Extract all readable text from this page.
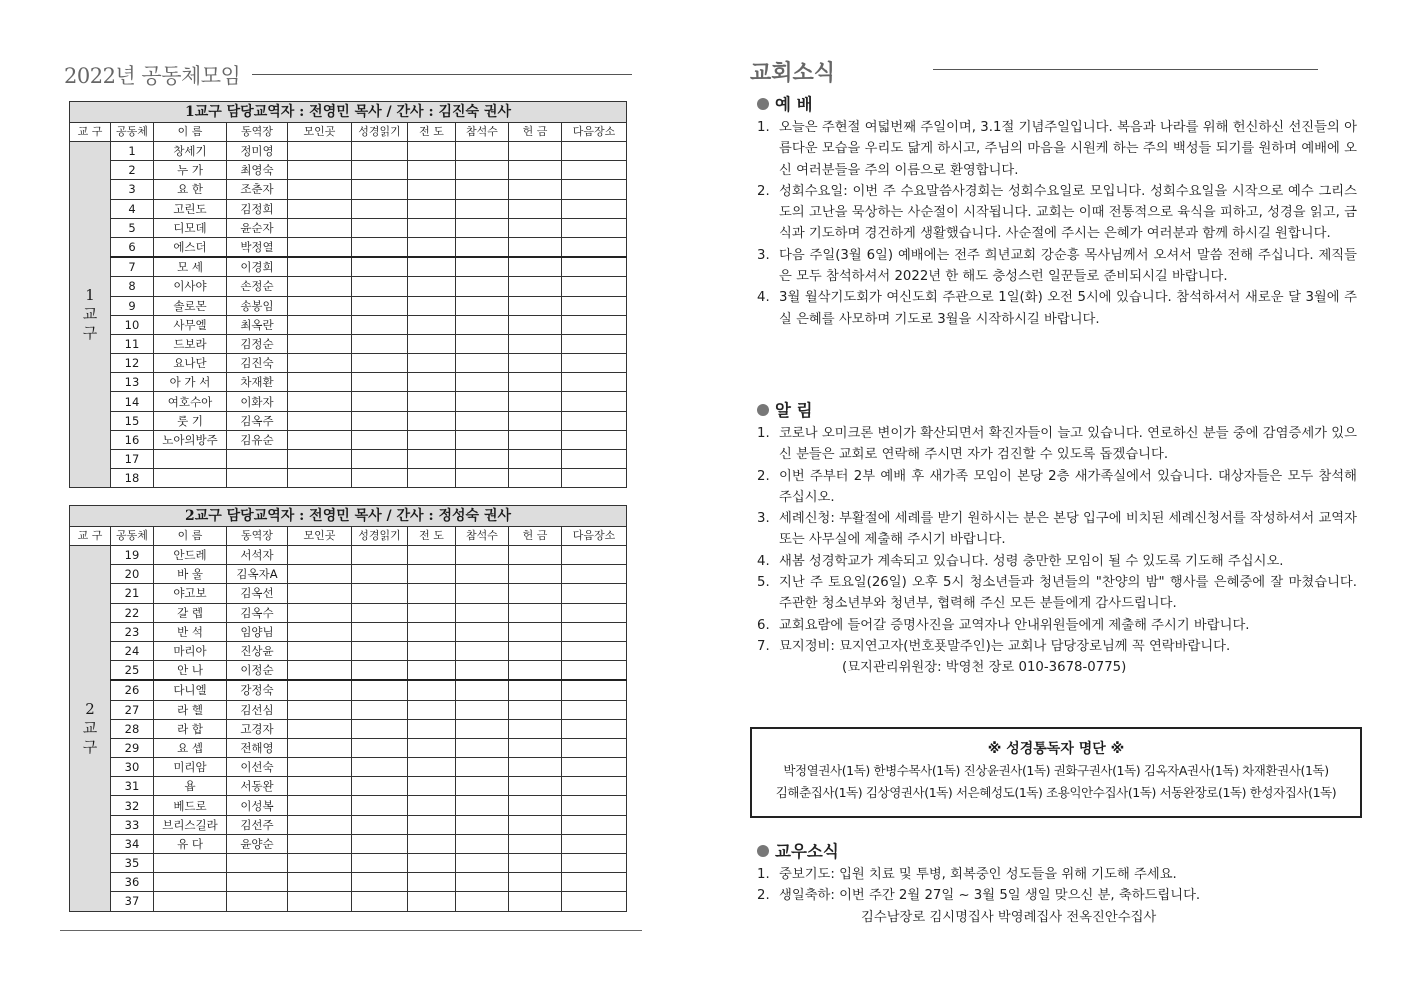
2022년 공동체모임
1교구 담당교역자 : 전영민 목사 / 간사 : 김진숙 권사									
교 구	공동체	이 름	동역장	모인곳	성경읽기	전 도	참석수	헌 금	다음장소

1
교
구	1	창세기	정미영						
	2	누 가	최영숙						
	3	요 한	조춘자						
	4	고린도	김정희						
	5	디모데	윤순자						
	6	에스더	박정열						
	7	모 세	이경희						
	8	이사야	손정순						
	9	솔로몬	송봉임						
	10	사무엘	최옥란						
	11	드보라	김정순						
	12	요나단	김진숙						
	13	아 가 서	차재환						
	14	여호수아	이화자						
	15	룻 기	김옥주						
	16	노아의방주	김유순						
	17								
	18								
2교구 담당교역자 : 전영민 목사 / 간사 : 정성숙 권사									
교 구	공동체	이 름	동역장	모인곳	성경읽기	전 도	참석수	헌 금	다음장소

2
교
구	19	안드레	서석자						
	20	바 울	김옥자A						
	21	야고보	김옥선						
	22	갈 렙	김옥수						
	23	반 석	임양님						
	24	마리아	진상윤						
	25	안 나	이정순						
	26	다니엘	강정숙						
	27	라 헬	김선심						
	28	라 합	고경자						
	29	요 셉	전해영						
	30	미리암	이선숙						
	31	욥	서동완						
	32	베드로	이성복						
	33	브리스길라	김선주						
	34	유 다	윤양순						
	35								
	36								
	37								
교회소식
예 배
1. 오늘은 주현절 여덟번째 주일이며, 3.1절 기념주일입니다. 복음과 나라를 위해 헌신하신 선진들의 아름다운 모습을 우리도 닮게 하시고, 주님의 마음을 시원케 하는 주의 백성들 되기를 원하며 예배에 오신 여러분들을 주의 이름으로 환영합니다.
2. 성회수요일: 이번 주 수요말씀사경회는 성회수요일로 모입니다. 성회수요일을 시작으로 예수 그리스도의 고난을 묵상하는 사순절이 시작됩니다. 교회는 이때 전통적으로 육식을 피하고, 성경을 읽고, 금식과 기도하며 경건하게 생활했습니다. 사순절에 주시는 은혜가 여러분과 함께 하시길 원합니다.
3. 다음 주일(3월 6일) 예배에는 전주 희년교회 강순흥 목사님께서 오셔서 말씀 전해 주십니다. 제직들은 모두 참석하셔서 2022년 한 해도 충성스런 일꾼들로 준비되시길 바랍니다.
4. 3월 월삭기도회가 여신도회 주관으로 1일(화) 오전 5시에 있습니다. 참석하셔서 새로운 달 3월에 주실 은혜를 사모하며 기도로 3월을 시작하시길 바랍니다.
알 림
1. 코로나 오미크론 변이가 확산되면서 확진자들이 늘고 있습니다. 연로하신 분들 중에 감염증세가 있으신 분들은 교회로 연락해 주시면 자가 검진할 수 있도록 돕겠습니다.
2. 이번 주부터 2부 예배 후 새가족 모임이 본당 2층 새가족실에서 있습니다. 대상자들은 모두 참석해 주십시오.
3. 세례신청: 부활절에 세례를 받기 원하시는 분은 본당 입구에 비치된 세례신청서를 작성하셔서 교역자 또는 사무실에 제출해 주시기 바랍니다.
4. 새봄 성경학교가 계속되고 있습니다. 성령 충만한 모임이 될 수 있도록 기도해 주십시오.
5. 지난 주 토요일(26일) 오후 5시 청소년들과 청년들의 "찬양의 밤" 행사를 은혜중에 잘 마쳤습니다. 주관한 청소년부와 청년부, 협력해 주신 모든 분들에게 감사드립니다.
6. 교회요람에 들어갈 증명사진을 교역자나 안내위원들에게 제출해 주시기 바랍니다.
7. 묘지정비: 묘지연고자(번호푯말주인)는 교회나 담당장로님께 꼭 연락바랍니다.
(묘지관리위원장: 박영천 장로 010-3678-0775)
※ 성경통독자 명단 ※
박정열권사(1독) 한병수목사(1독) 진상윤권사(1독) 권화구권사(1독) 김옥자A권사(1독) 차재환권사(1독)
김해춘집사(1독) 김상영권사(1독) 서은혜성도(1독) 조용익안수집사(1독) 서동완장로(1독) 한성자집사(1독)
교우소식
1. 중보기도: 입원 치료 및 투병, 회복중인 성도들을 위해 기도해 주세요.
2. 생일축하: 이번 주간 2월 27일 ~ 3월 5일 생일 맞으신 분, 축하드립니다.
김수남장로 김시명집사 박영례집사 전옥진안수집사
